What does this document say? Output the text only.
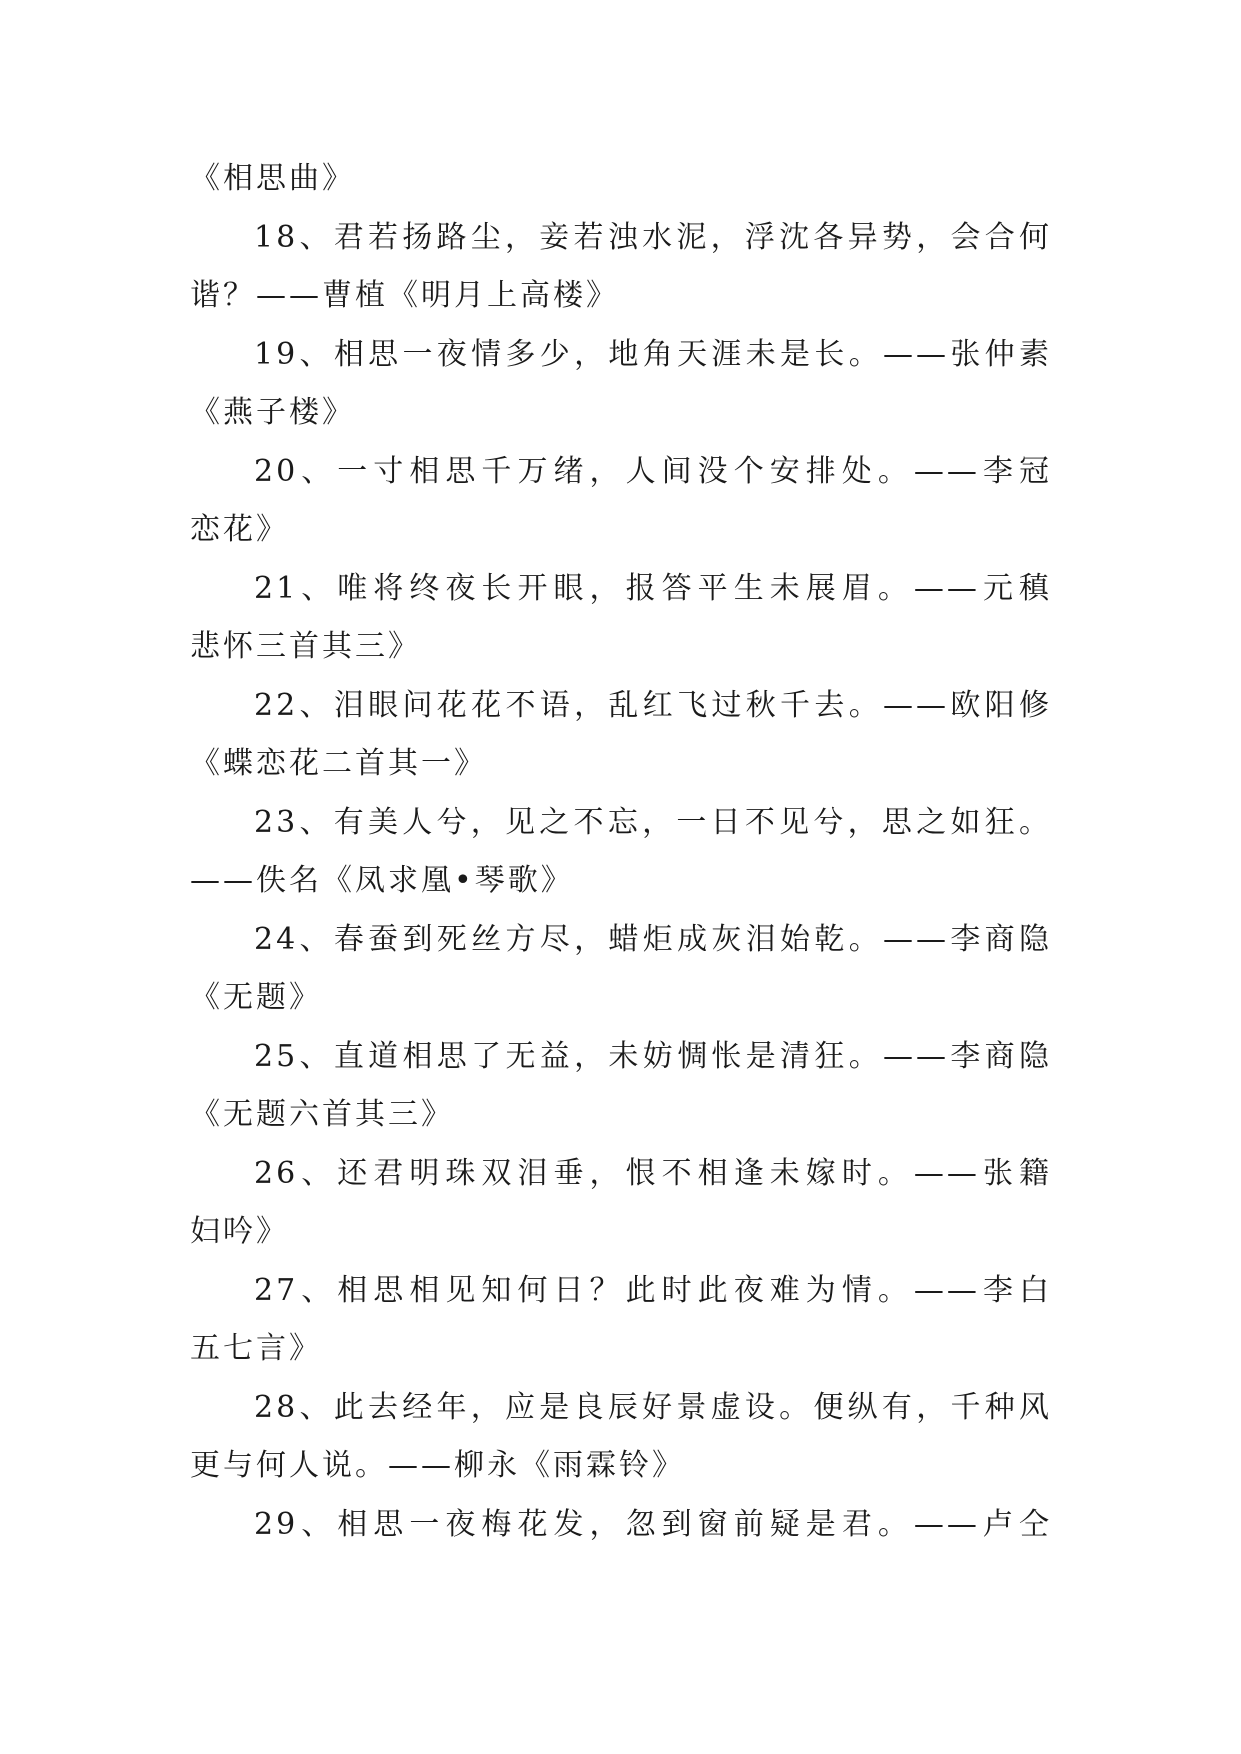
《相思曲》
18、君若扬路尘，妾若浊水泥，浮沈各异势，会合何
谐？——曹植《明月上高楼》
19、相思一夜情多少，地角天涯未是长。——张仲素
《燕子楼》
20、一寸相思千万绪，人间没个安排处。——李冠
恋花》
21、唯将终夜长开眼，报答平生未展眉。——元稹
悲怀三首其三》
22、泪眼问花花不语，乱红飞过秋千去。——欧阳修
《蝶恋花二首其一》
23、有美人兮，见之不忘，一日不见兮，思之如狂。
——佚名《凤求凰•琴歌》
24、春蚕到死丝方尽，蜡炬成灰泪始乾。——李商隐
《无题》
25、直道相思了无益，未妨惆怅是清狂。——李商隐
《无题六首其三》
26、还君明珠双泪垂，恨不相逢未嫁时。——张籍
妇吟》
27、相思相见知何日？此时此夜难为情。——李白
五七言》
28、此去经年，应是良辰好景虚设。便纵有，千种风
更与何人说。——柳永《雨霖铃》
29、相思一夜梅花发，忽到窗前疑是君。——卢仝
